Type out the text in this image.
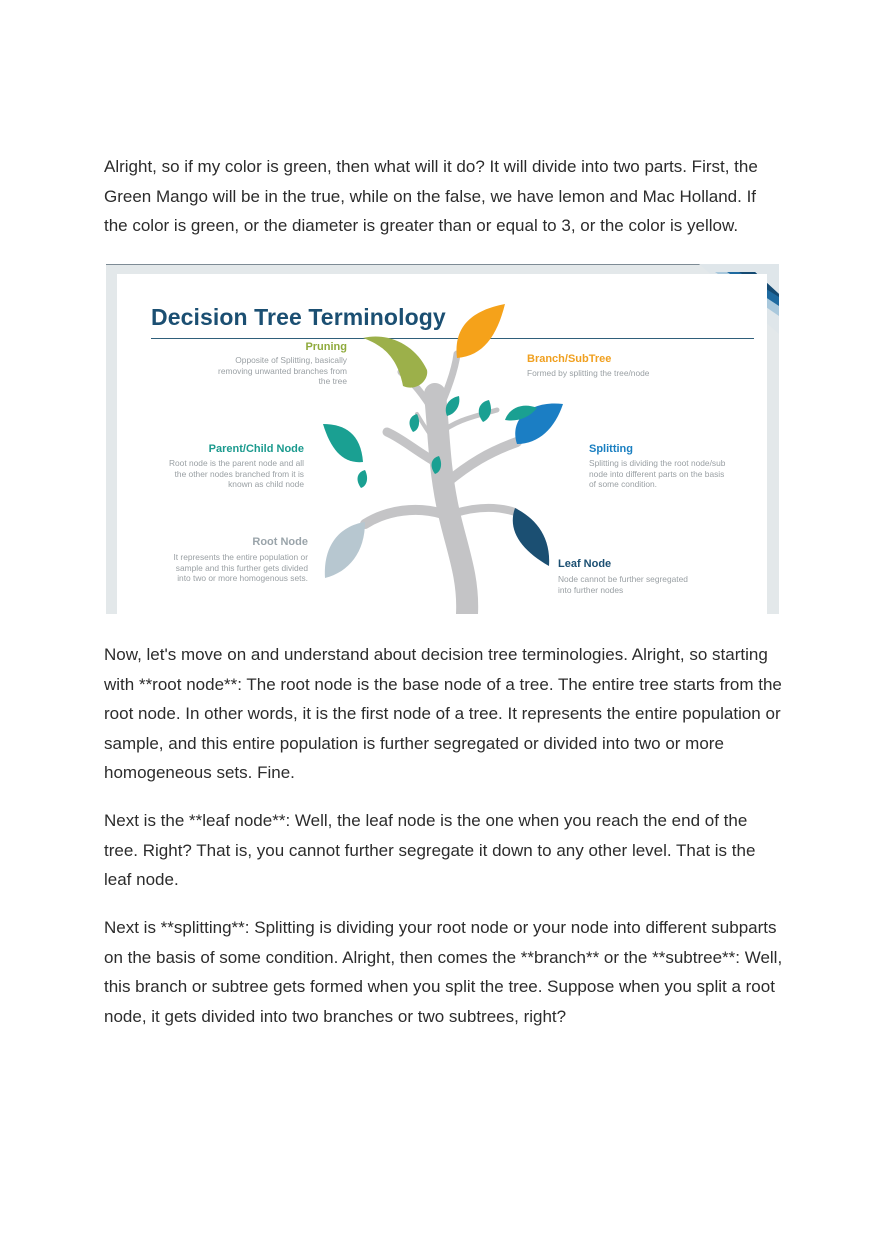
Alright, so if my color is green, then what will it do? It will divide into two parts. First, the Green Mango will be in the true, while on the false, we have lemon and Mac Holland. If the color is green, or the diameter is greater than or equal to 3, or the color is yellow.

Decision Tree Terminology

Pruning

Opposite of Splitting, basically
removing unwanted branches from
the tree

Branch/SubTree

Formed by splitting the tree/node

Parent/Child Node

Root node is the parent node and all
the other nodes branched from it is
known as child node

Splitting

Splitting is dividing the root node/sub
node into different parts on the basis
of some condition.

Root Node

It represents the entire population or
sample and this further gets divided
into two or more homogenous sets.

Leaf Node

Node cannot be further segregated
into further nodes

Now, let's move on and understand about decision tree terminologies. Alright, so starting with **root node**: The root node is the base node of a tree. The entire tree starts from the root node. In other words, it is the first node of a tree. It represents the entire population or sample, and this entire population is further segregated or divided into two or more homogeneous sets. Fine.

Next is the **leaf node**: Well, the leaf node is the one when you reach the end of the tree. Right? That is, you cannot further segregate it down to any other level. That is the leaf node.

Next is **splitting**: Splitting is dividing your root node or your node into different subparts on the basis of some condition. Alright, then comes the **branch** or the **subtree**: Well, this branch or subtree gets formed when you split the tree. Suppose when you split a root node, it gets divided into two branches or two subtrees, right?
